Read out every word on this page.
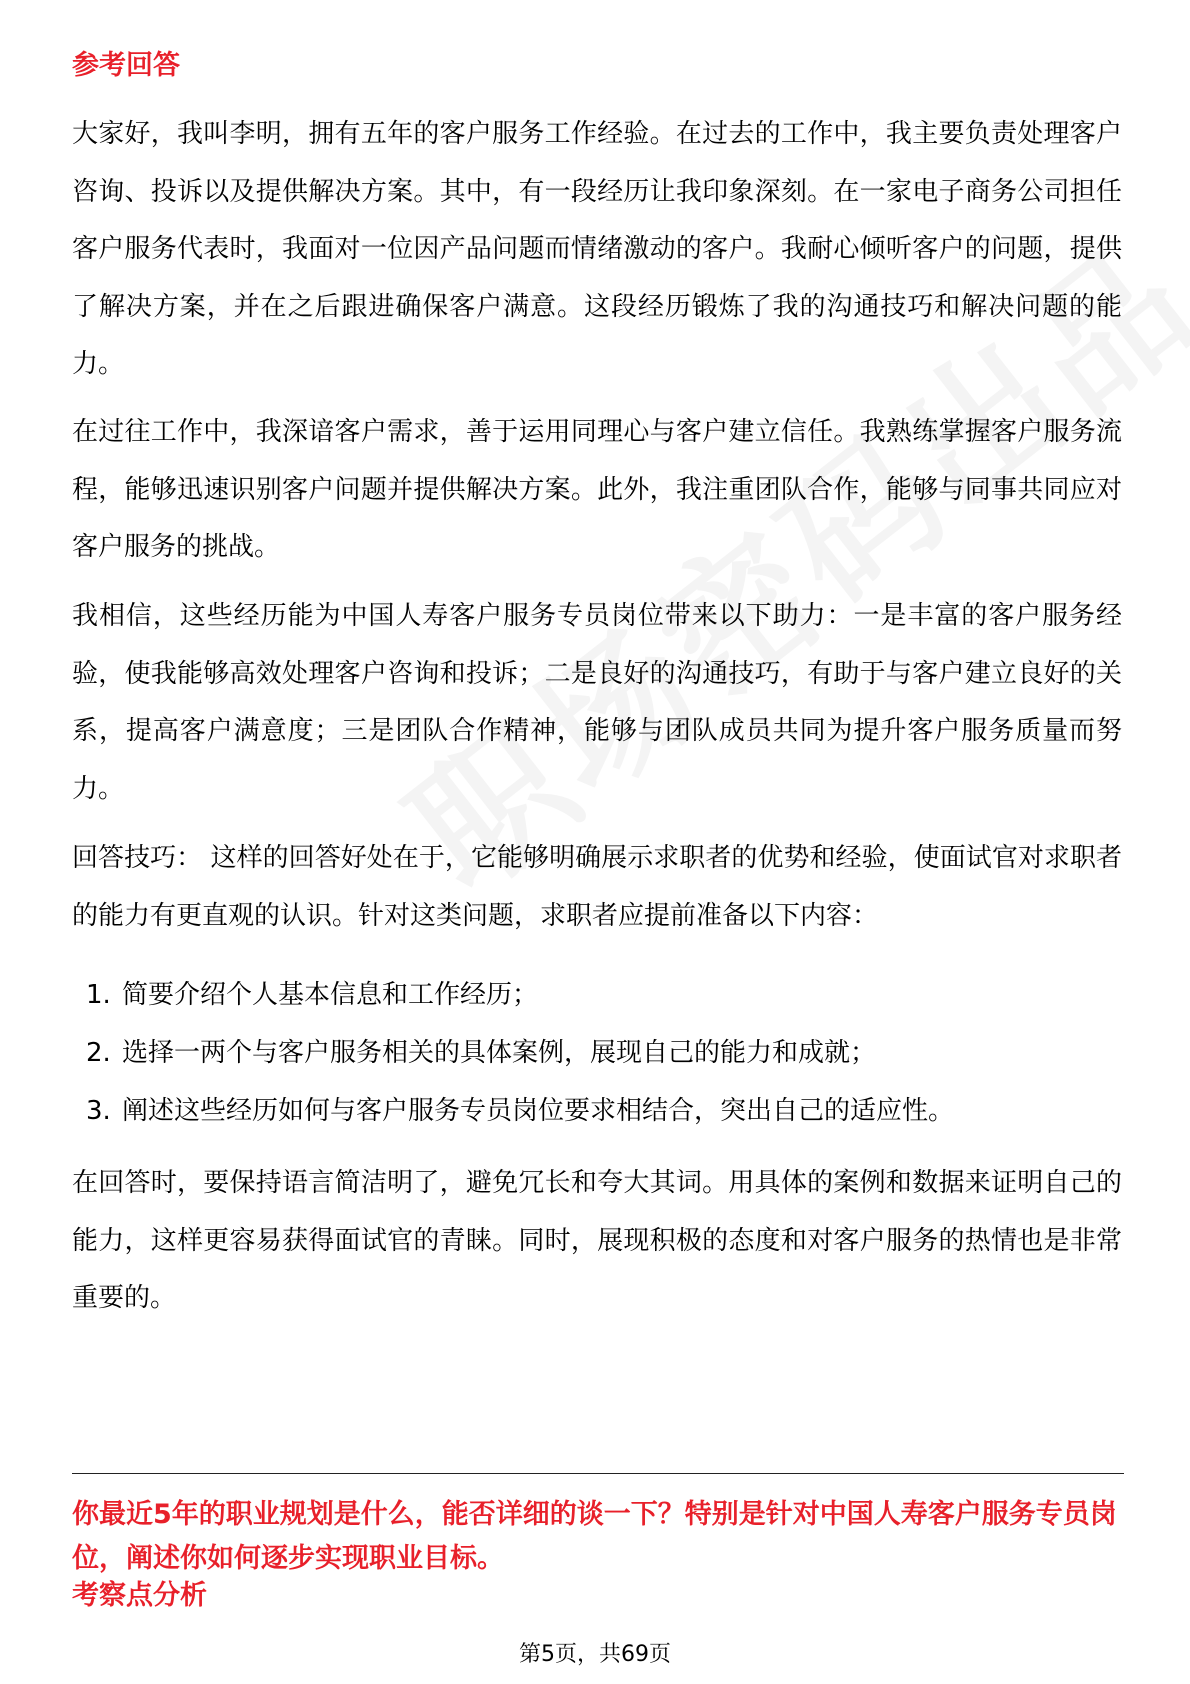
参考回答

大家好，我叫李明，拥有五年的客户服务工作经验。在过去的工作中，我主要负责处理客户咨询、投诉以及提供解决方案。其中，有一段经历让我印象深刻。在一家电子商务公司担任客户服务代表时，我面对一位因产品问题而情绪激动的客户。我耐心倾听客户的问题，提供了解决方案，并在之后跟进确保客户满意。这段经历锻炼了我的沟通技巧和解决问题的能力。

在过往工作中，我深谙客户需求，善于运用同理心与客户建立信任。我熟练掌握客户服务流程，能够迅速识别客户问题并提供解决方案。此外，我注重团队合作，能够与同事共同应对客户服务的挑战。

我相信，这些经历能为中国人寿客户服务专员岗位带来以下助力：一是丰富的客户服务经验，使我能够高效处理客户咨询和投诉；二是良好的沟通技巧，有助于与客户建立良好的关系，提高客户满意度；三是团队合作精神，能够与团队成员共同为提升客户服务质量而努力。

回答技巧： 这样的回答好处在于，它能够明确展示求职者的优势和经验，使面试官对求职者的能力有更直观的认识。针对这类问题，求职者应提前准备以下内容：

1. 简要介绍个人基本信息和工作经历；
2. 选择一两个与客户服务相关的具体案例，展现自己的能力和成就；
3. 阐述这些经历如何与客户服务专员岗位要求相结合，突出自己的适应性。

在回答时，要保持语言简洁明了，避免冗长和夸大其词。用具体的案例和数据来证明自己的能力，这样更容易获得面试官的青睐。同时，展现积极的态度和对客户服务的热情也是非常重要的。

你最近5年的职业规划是什么，能否详细的谈一下？特别是针对中国人寿客户服务专员岗位，阐述你如何逐步实现职业目标。

考察点分析
第5页，共69页
